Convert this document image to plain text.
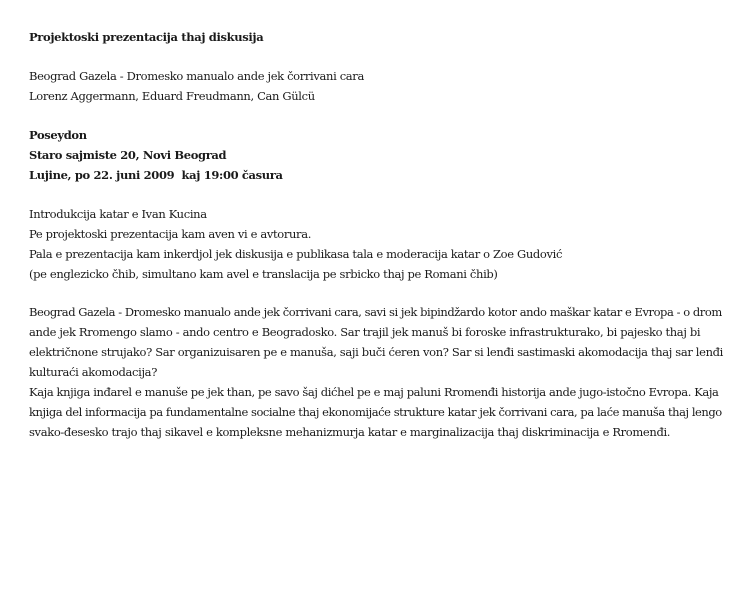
Projektoski prezentacija thaj diskusija
Beograd Gazela - Dromesko manualo ande jek čorrivani cara
Lorenz Aggermann, Eduard Freudmann, Can Gülcü
Poseydon
Staro sajmiste 20, Novi Beograd
Lujine, po 22. juni 2009  kaj 19:00 časura
Introdukcija katar e Ivan Kucina
Pe projektoski prezentacija kam aven vi e avtorura.
Pala e prezentacija kam inkerdjol jek diskusija e publikasa tala e moderacija katar o Zoe Gudović
(pe englezicko čhib, simultano kam avel e translacija pe srbicko thaj pe Romani čhib)
Beograd Gazela - Dromesko manualo ande jek čorrivani cara, savi si jek bipindžardo kotor ando maškar katar e Evropa - o drom
ande jek Rromengo slamo - ando centro e Beogradosko. Sar trajil jek manuš bi foroske infrastrukturako, bi pajesko thaj bi
električnone strujako? Sar organizuisaren pe e manuša, saji buči ćeren von? Sar si lenđi sastimaski akomodacija thaj sar lenđi
kulturaći akomodacija?
Kaja knjiga inđarel e manuše pe jek than, pe savo šaj dićhel pe e maj paluni Rromenđi historija ande jugo-istočno Evropa. Kaja
knjiga del informacija pa fundamentalne socialne thaj ekonomijaće strukture katar jek čorrivani cara, pa laće manuša thaj lengo
svako-đesesko trajo thaj sikavel e kompleksne mehanizmurja katar e marginalizacija thaj diskriminacija e Rromenđi.
